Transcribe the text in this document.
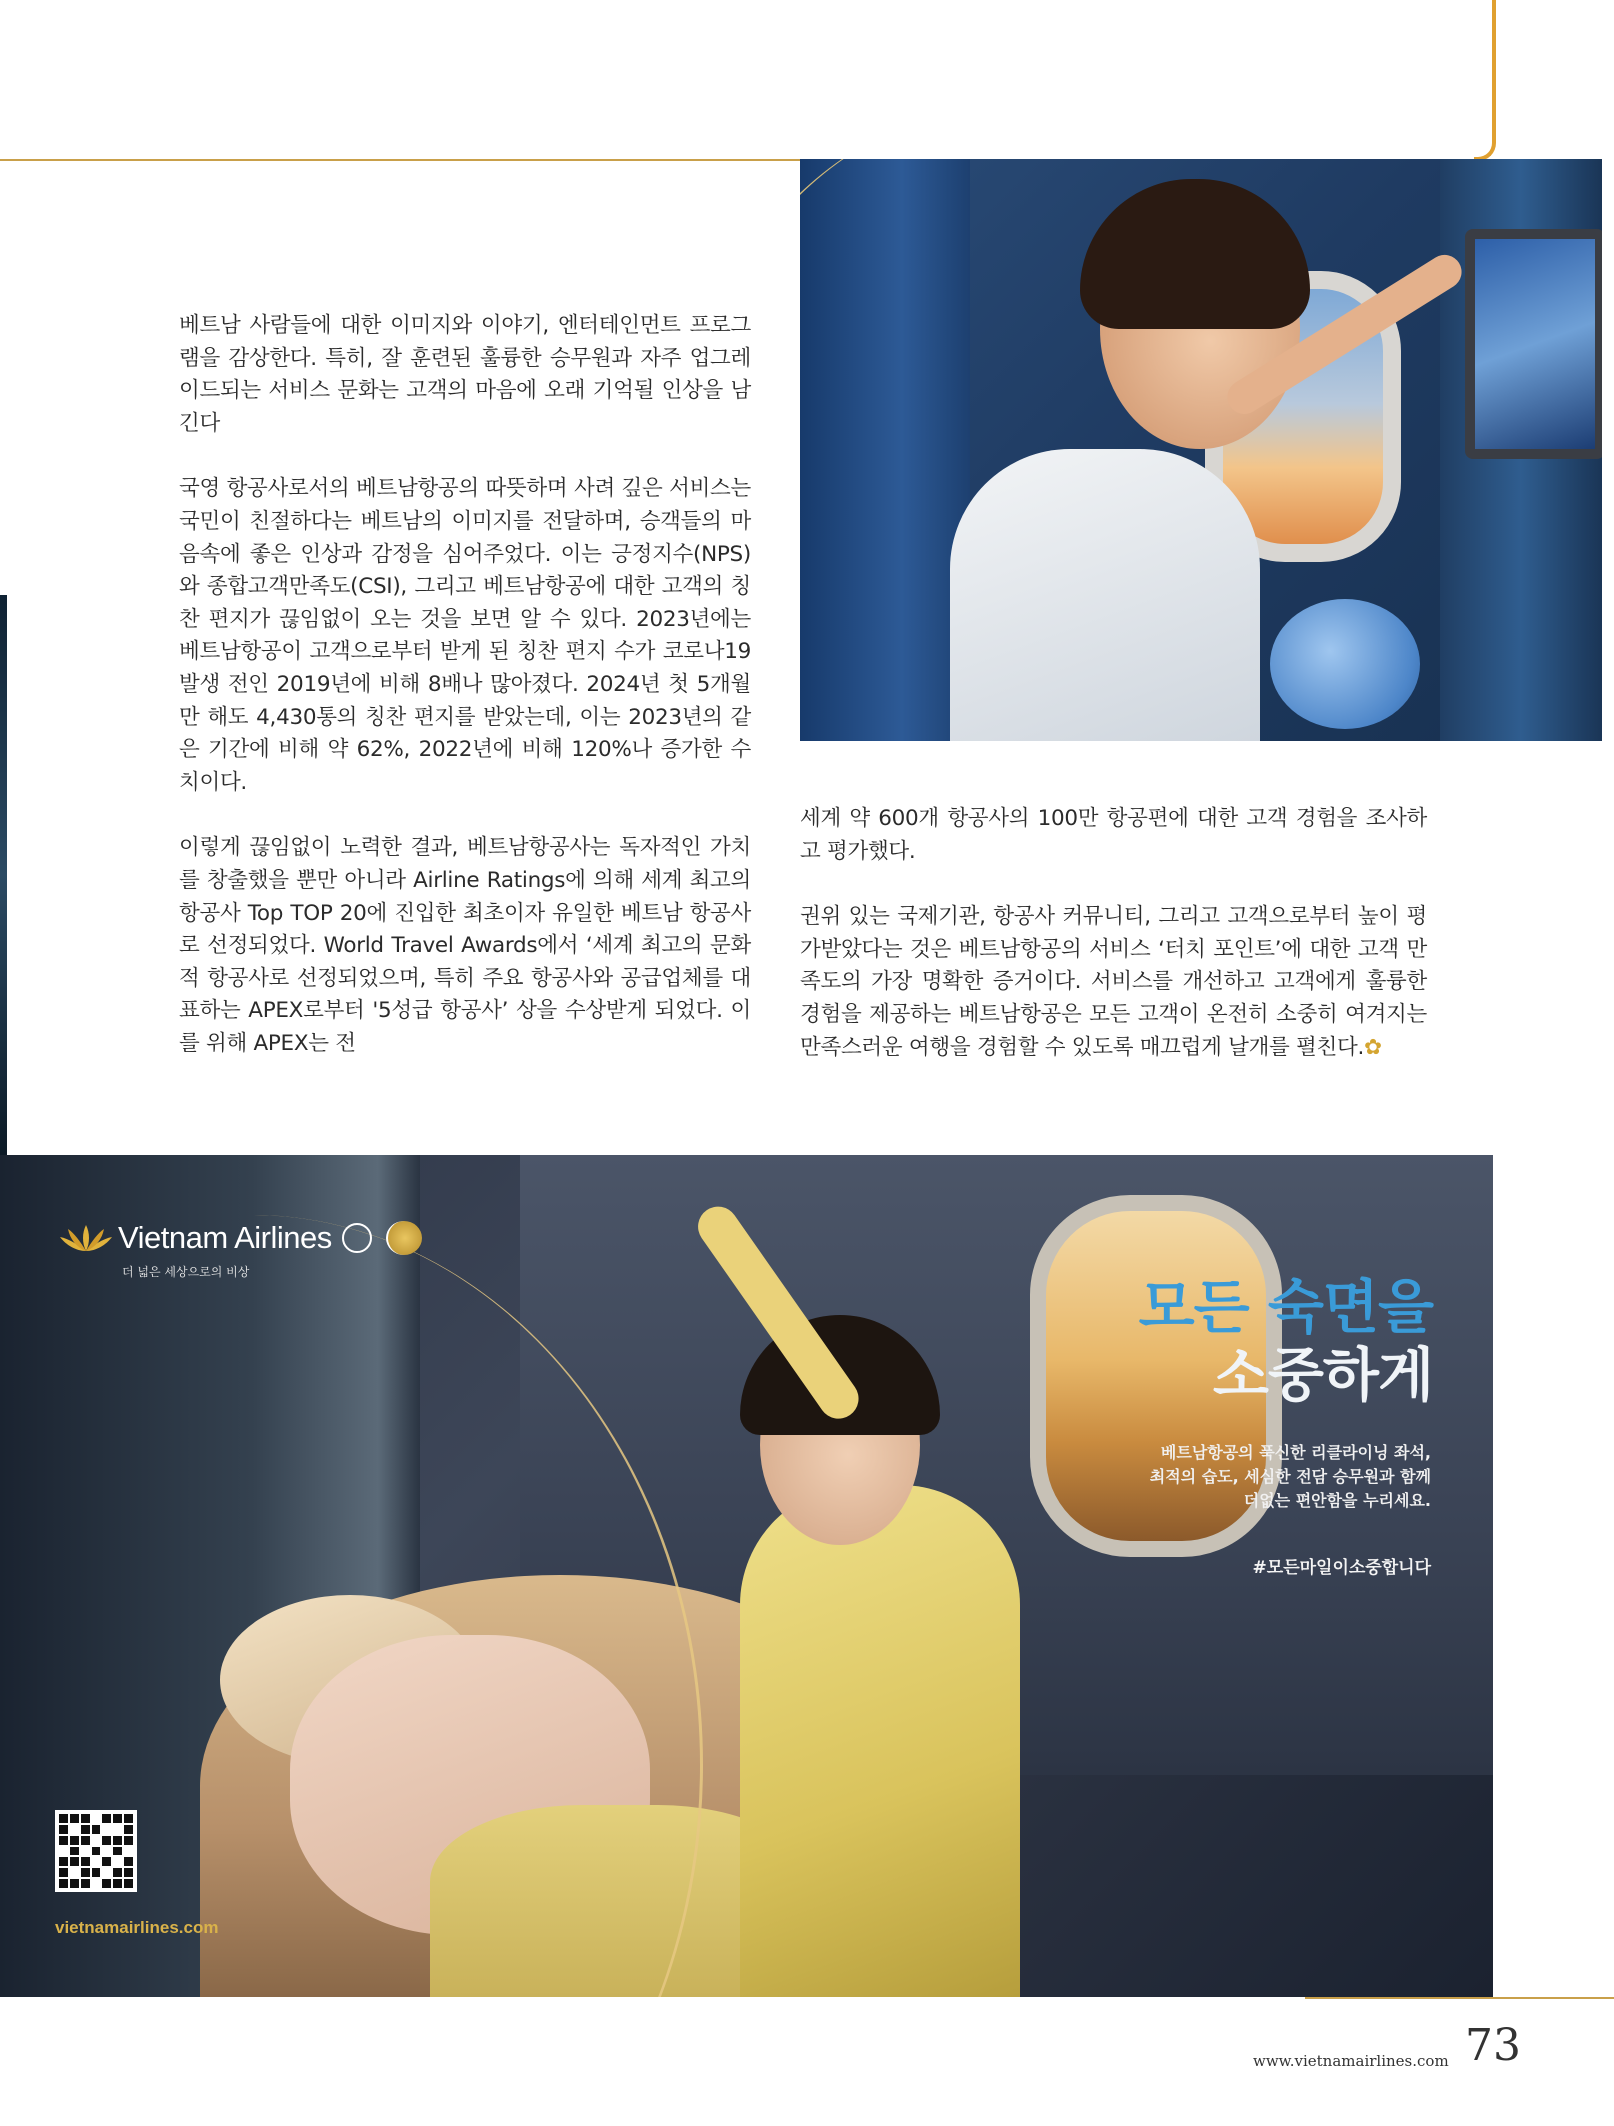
베트남 사람들에 대한 이미지와 이야기, 엔터테인먼트 프로그램을 감상한다. 특히, 잘 훈련된 훌륭한 승무원과 자주 업그레이드되는 서비스 문화는 고객의 마음에 오래 기억될 인상을 남긴다

국영 항공사로서의 베트남항공의 따뜻하며 사려 깊은 서비스는 국민이 친절하다는 베트남의 이미지를 전달하며, 승객들의 마음속에 좋은 인상과 감정을 심어주었다. 이는 긍정지수(NPS)와 종합고객만족도(CSI), 그리고 베트남항공에 대한 고객의 칭찬 편지가 끊임없이 오는 것을 보면 알 수 있다. 2023년에는 베트남항공이 고객으로부터 받게 된 칭찬 편지 수가 코로나19 발생 전인 2019년에 비해 8배나 많아졌다. 2024년 첫 5개월만 해도 4,430통의 칭찬 편지를 받았는데, 이는 2023년의 같은 기간에 비해 약 62%, 2022년에 비해 120%나 증가한 수치이다.

이렇게 끊임없이 노력한 결과, 베트남항공사는 독자적인 가치를 창출했을 뿐만 아니라 Airline Ratings에 의해 세계 최고의 항공사 Top TOP 20에 진입한 최초이자 유일한 베트남 항공사로 선정되었다. World Travel Awards에서 ‘세계 최고의 문화적 항공사로 선정되었으며, 특히 주요 항공사와 공급업체를 대표하는 APEX로부터 '5성급 항공사’ 상을 수상받게 되었다. 이를 위해 APEX는 전

세계 약 600개 항공사의 100만 항공편에 대한 고객 경험을 조사하고 평가했다.

권위 있는 국제기관, 항공사 커뮤니티, 그리고 고객으로부터 높이 평가받았다는 것은 베트남항공의 서비스 ‘터치 포인트’에 대한 고객 만족도의 가장 명확한 증거이다. 서비스를 개선하고 고객에게 훌륭한 경험을 제공하는 베트남항공은 모든 고객이 온전히 소중히 여겨지는 만족스러운 여행을 경험할 수 있도록 매끄럽게 날개를 펼친다.✿

Vietnam Airlines
더 넓은 세상으로의 비상
모든 숙면을
소중하게
베트남항공의 푹신한 리클라이닝 좌석,
최적의 습도, 세심한 전담 승무원과 함께
더없는 편안함을 누리세요.
#모든마일이소중합니다
vietnamairlines.com
www.vietnamairlines.com 73
